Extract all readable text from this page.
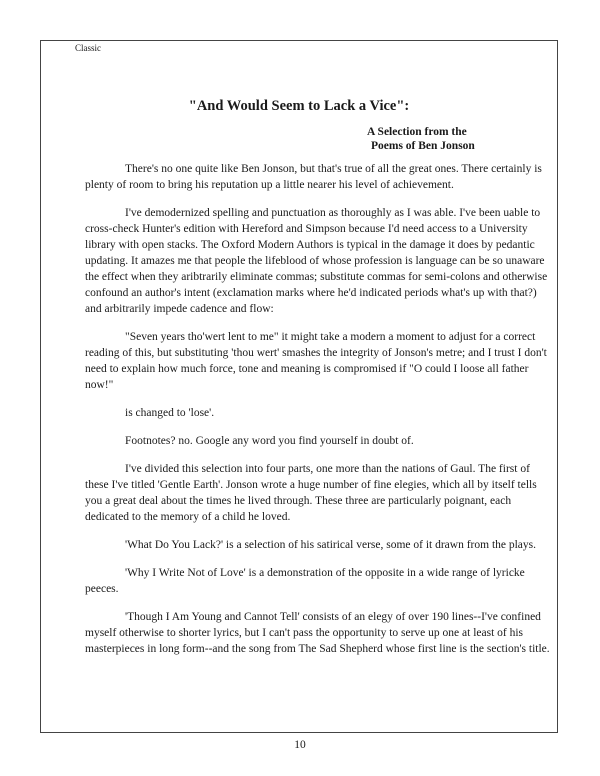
Classic
"And Would Seem to Lack a Vice":
A Selection from the
Poems of Ben Jonson

There's no one quite like Ben Jonson, but that's true of all the great ones. There certainly is plenty of room to bring his reputation up a little nearer his level of achievement.

I've demodernized spelling and punctuation as thoroughly as I was able. I've been uable to cross-check Hunter's edition with Hereford and Simpson because I'd need access to a University library with open stacks. The Oxford Modern Authors is typical in the damage it does by pedantic updating. It amazes me that people the lifeblood of whose profession is language can be so unaware the effect when they aribtrarily eliminate commas; substitute commas for semi-colons and otherwise confound an author's intent (exclamation marks where he'd indicated periods what's up with that?) and arbitrarily impede cadence and flow:

"Seven years tho'wert lent to me" it might take a modern a moment to adjust for a correct reading of this, but substituting 'thou wert' smashes the integrity of Jonson's metre; and I trust I don't need to explain how much force, tone and meaning is compromised if "O could I loose all father now!"

is changed to 'lose'.

Footnotes? no. Google any word you find yourself in doubt of.

I've divided this selection into four parts, one more than the nations of Gaul. The first of these I've titled 'Gentle Earth'. Jonson wrote a huge number of fine elegies, which all by itself tells you a great deal about the times he lived through. These three are particularly poignant, each dedicated to the memory of a child he loved.

'What Do You Lack?' is a selection of his satirical verse, some of it drawn from the plays.

'Why I Write Not of Love' is a demonstration of the opposite in a wide range of lyricke peeces.

'Though I Am Young and Cannot Tell' consists of an elegy of over 190 lines--I've confined myself otherwise to shorter lyrics, but I can't pass the opportunity to serve up one at least of his masterpieces in long form--and the song from The Sad Shepherd whose first line is the section's title.

10
